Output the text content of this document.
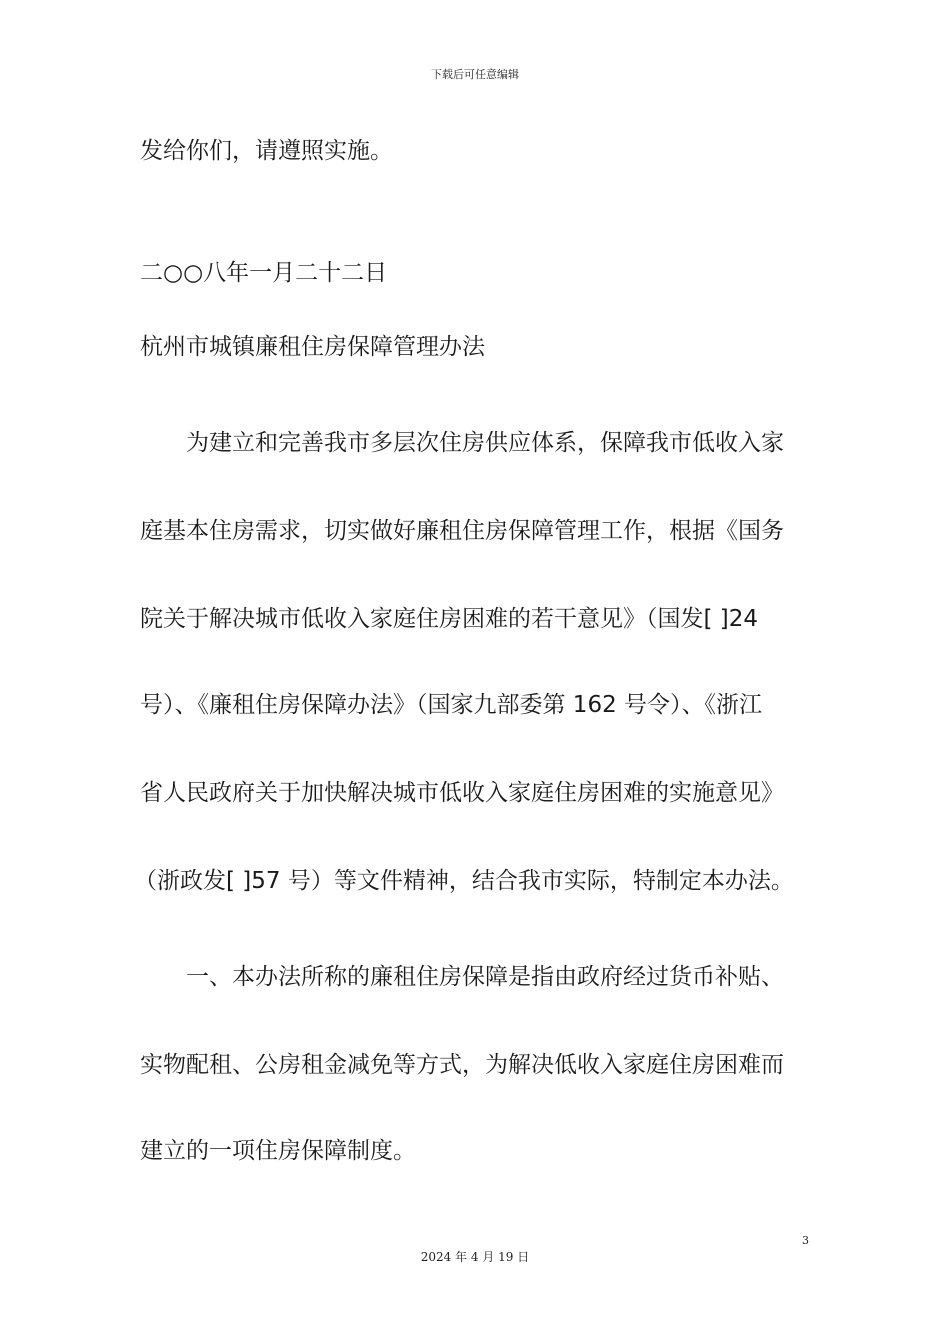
下载后可任意编辑
发给你们，请遵照实施。
二○○八年一月二十二日
杭州市城镇廉租住房保障管理办法
　　为建立和完善我市多层次住房供应体系，保障我市低收入家
庭基本住房需求，切实做好廉租住房保障管理工作，根据《国务
院关于解决城市低收入家庭住房困难的若干意见》（国发[ ]24
号）、《廉租住房保障办法》（国家九部委第 162 号令）、《浙江
省人民政府关于加快解决城市低收入家庭住房困难的实施意见》
（浙政发[ ]57 号）等文件精神，结合我市实际，特制定本办法。
　　一、本办法所称的廉租住房保障是指由政府经过货币补贴、
实物配租、公房租金减免等方式，为解决低收入家庭住房困难而
建立的一项住房保障制度。
3
2024 年 4 月 19 日
